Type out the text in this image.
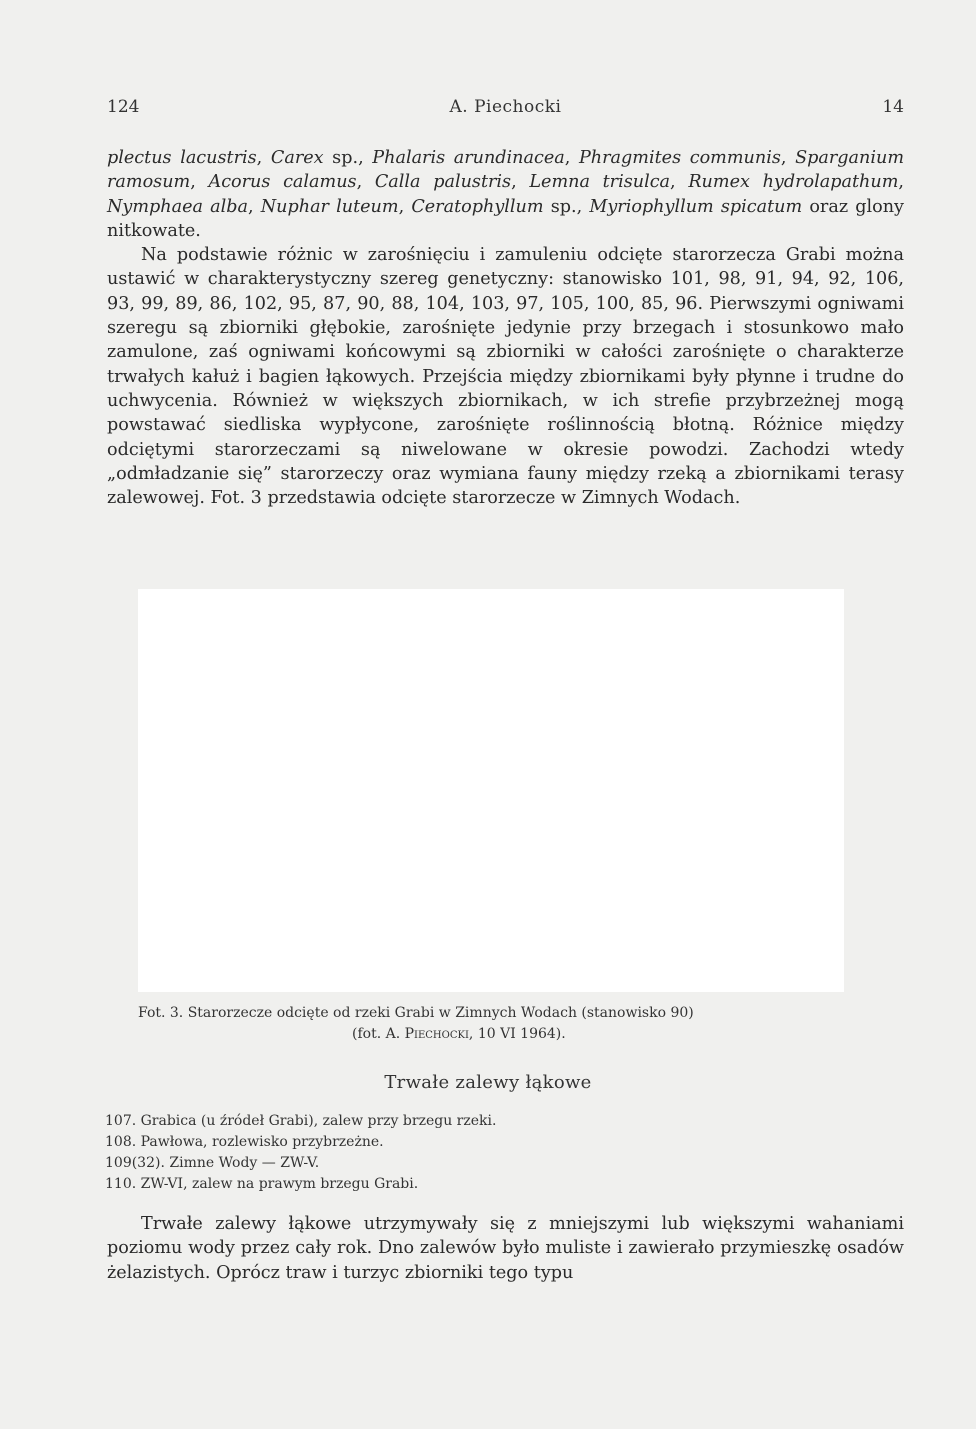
124	A. Piechocki	14

plectus lacustris, Carex sp., Phalaris arundinacea, Phragmites communis, Sparganium ramosum, Acorus calamus, Calla palustris, Lemna trisulca, Rumex hydrolapathum, Nymphaea alba, Nuphar luteum, Ceratophyllum sp., Myriophyllum spicatum oraz glony nitkowate.

Na podstawie różnic w zarośnięciu i zamuleniu odcięte starorzecza Grabi można ustawić w charakterystyczny szereg genetyczny: stanowisko 101, 98, 91, 94, 92, 106, 93, 99, 89, 86, 102, 95, 87, 90, 88, 104, 103, 97, 105, 100, 85, 96. Pierwszymi ogniwami szeregu są zbiorniki głębokie, zarośnięte jedynie przy brzegach i stosunkowo mało zamulone, zaś ogniwami końcowymi są zbiorniki w całości zarośnięte o charakterze trwałych kałuż i bagien łąkowych. Przejścia między zbiornikami były płynne i trudne do uchwycenia. Również w większych zbiornikach, w ich strefie przybrzeżnej mogą powstawać siedliska wypłycone, zarośnięte roślinnością błotną. Różnice między odciętymi starorzeczami są niwelowane w okresie powodzi. Zachodzi wtedy „odmładzanie się” starorzeczy oraz wymiana fauny między rzeką a zbiornikami terasy zalewowej. Fot. 3 przedstawia odcięte starorzecze w Zimnych Wodach.

Fot. 3. Starorzecze odcięte od rzeki Grabi w Zimnych Wodach (stanowisko 90)
(fot. A. Piechocki, 10 VI 1964).
Trwałe zalewy łąkowe
107. Grabica (u źródeł Grabi), zalew przy brzegu rzeki.
108. Pawłowa, rozlewisko przybrzeżne.
109(32). Zimne Wody — ZW-V.
110. ZW-VI, zalew na prawym brzegu Grabi.

Trwałe zalewy łąkowe utrzymywały się z mniejszymi lub większymi wahaniami poziomu wody przez cały rok. Dno zalewów było muliste i zawierało przymieszkę osadów żelazistych. Oprócz traw i turzyc zbiorniki tego typu
